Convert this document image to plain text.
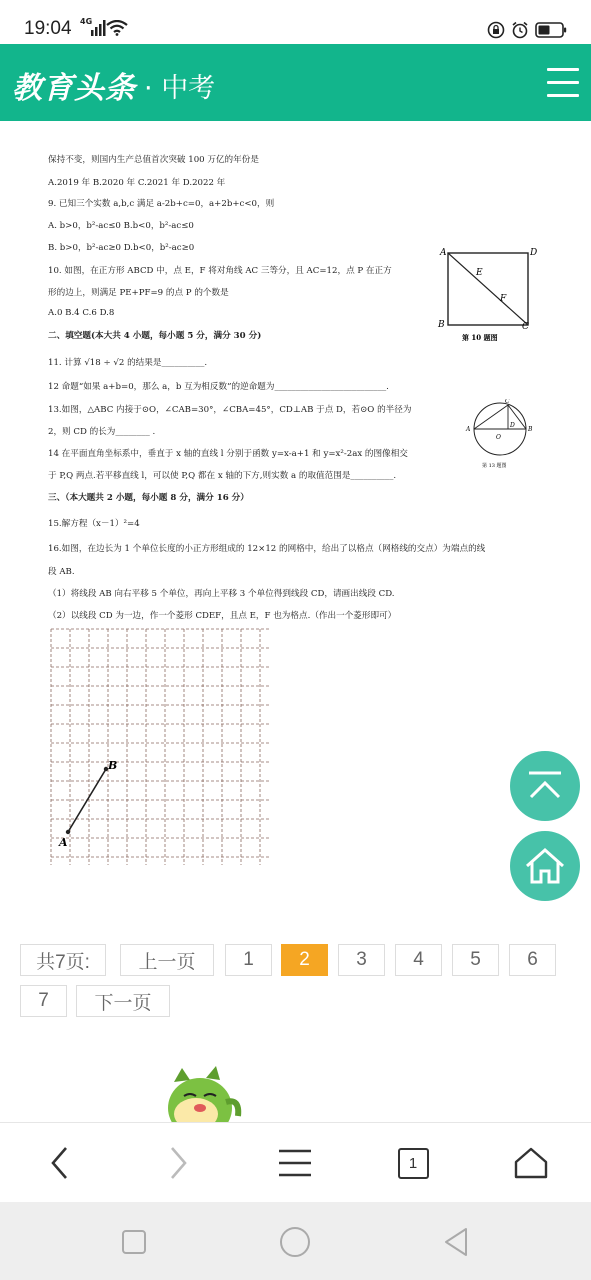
19:04 4G
教育头条 · 中考
保持不变，则国内生产总值首次突破 100 万亿的年份是
A.2019 年 B.2020 年 C.2021 年 D.2022 年
9. 已知三个实数 a,b,c 满足 a-2b+c=0，a+2b+c<0，则
A. b>0，b²-ac≤0 B.b<0，b²-ac≤0
B. b>0，b²-ac≥0 D.b<0，b²-ac≥0
10. 如图，在正方形 ABCD 中，点 E，F 将对角线 AC 三等分，且 AC=12，点 P 在正方
形的边上，则满足 PE+PF=9 的点 P 的个数是
A.0 B.4 C.6 D.8
二、填空题(本大共 4 小题，每小题 5 分，满分 30 分)
11. 计算 √18 ÷ √2 的结果是__________.
12 命题“如果 a+b=0，那么 a，b 互为相反数”的逆命题为__________________________.
13.如图，△ABC 内接于⊙O，∠CAB=30°，∠CBA=45°，CD⊥AB 于点 D，若⊙O 的半径为
2，则 CD 的长为________ .
14 在平面直角坐标系中，垂直于 x 轴的直线 l 分别于函数 y=x-a+1 和 y=x²-2ax 的图像相交
于 P,Q 两点.若平移直线 l，可以使 P,Q 都在 x 轴的下方,则实数 a 的取值范围是__________.
三、（本大题共 2 小题，每小题 8 分，满分 16 分）
15.解方程（x－1）²=4
16.如图，在边长为 1 个单位长度的小正方形组成的 12×12 的网格中，给出了以格点（网格线的交点）为端点的线
段 AB.
（1）将线段 AB 向右平移 5 个单位，再向上平移 3 个单位得到线段 CD，请画出线段 CD.
（2）以线段 CD 为一边，作一个菱形 CDEF，且点 E，F 也为格点.（作出一个菱形即可）
A	D
B	C
E
F
第 10 题图
A	B
C
D
O
第 13 题图
B
A
共7页:	上一页	1	2	3	4	5	6
7	下一页
1
